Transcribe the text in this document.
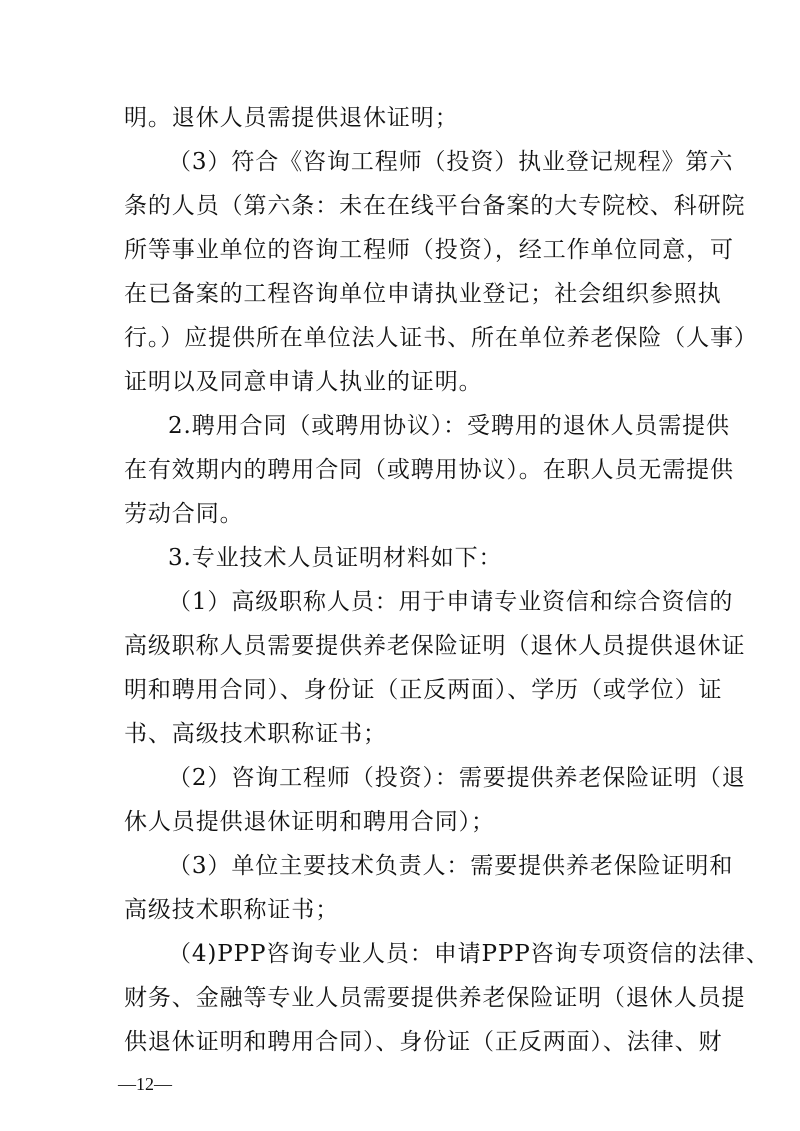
明。退休人员需提供退休证明；
（3）符合《咨询工程师（投资）执业登记规程》第六
条的人员（第六条：未在在线平台备案的大专院校、科研院
所等事业单位的咨询工程师（投资），经工作单位同意，可
在已备案的工程咨询单位申请执业登记；社会组织参照执
行。）应提供所在单位法人证书、所在单位养老保险（人事）
证明以及同意申请人执业的证明。
2.聘用合同（或聘用协议）：受聘用的退休人员需提供
在有效期内的聘用合同（或聘用协议）。在职人员无需提供
劳动合同。
3.专业技术人员证明材料如下：
（1）高级职称人员：用于申请专业资信和综合资信的
高级职称人员需要提供养老保险证明（退休人员提供退休证
明和聘用合同）、身份证（正反两面）、学历（或学位）证
书、高级技术职称证书；
（2）咨询工程师（投资）：需要提供养老保险证明（退
休人员提供退休证明和聘用合同）；
（3）单位主要技术负责人：需要提供养老保险证明和
高级技术职称证书；
（4)PPP咨询专业人员：申请PPP咨询专项资信的法律、
财务、金融等专业人员需要提供养老保险证明（退休人员提
供退休证明和聘用合同）、身份证（正反两面）、法律、财
—12—
